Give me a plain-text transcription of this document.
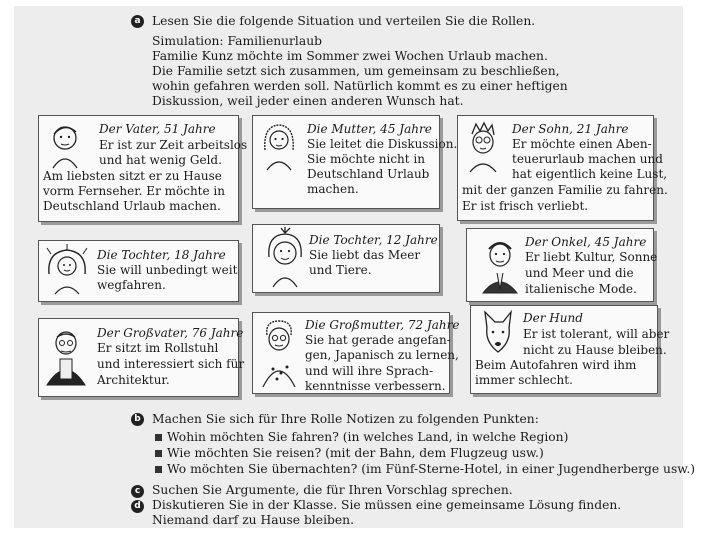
a Lesen Sie die folgende Situation und verteilen Sie die Rollen.
Simulation: Familienurlaub
Familie Kunz möchte im Sommer zwei Wochen Urlaub machen.
Die Familie setzt sich zusammen, um gemeinsam zu beschließen,
wohin gefahren werden soll. Natürlich kommt es zu einer heftigen
Diskussion, weil jeder einen anderen Wunsch hat.
Der Vater, 51 Jahre
Er ist zur Zeit arbeitslos
und hat wenig Geld.
Am liebsten sitzt er zu Hause
vorm Fernseher. Er möchte in
Deutschland Urlaub machen.
Die Mutter, 45 Jahre
Sie leitet die Diskussion.
Sie möchte nicht in
Deutschland Urlaub
machen.
Der Sohn, 21 Jahre
Er möchte einen Aben-
teuerurlaub machen und
hat eigentlich keine Lust,
mit der ganzen Familie zu fahren.
Er ist frisch verliebt.
Die Tochter, 18 Jahre
Sie will unbedingt weit
wegfahren.
Die Tochter, 12 Jahre
Sie liebt das Meer
und Tiere.
Der Onkel, 45 Jahre
Er liebt Kultur, Sonne
und Meer und die
italienische Mode.
Der Großvater, 76 Jahre
Er sitzt im Rollstuhl
und interessiert sich für
Architektur.
Die Großmutter, 72 Jahre
Sie hat gerade angefan-
gen, Japanisch zu lernen,
und will ihre Sprach-
kenntnisse verbessern.
Der Hund
Er ist tolerant, will aber
nicht zu Hause bleiben.
Beim Autofahren wird ihm
immer schlecht.
b Machen Sie sich für Ihre Rolle Notizen zu folgenden Punkten:
Wohin möchten Sie fahren? (in welches Land, in welche Region)
Wie möchten Sie reisen? (mit der Bahn, dem Flugzeug usw.)
Wo möchten Sie übernachten? (im Fünf-Sterne-Hotel, in einer Jugendherberge usw.)
c Suchen Sie Argumente, die für Ihren Vorschlag sprechen.
d Diskutieren Sie in der Klasse. Sie müssen eine gemeinsame Lösung finden.
Niemand darf zu Hause bleiben.
